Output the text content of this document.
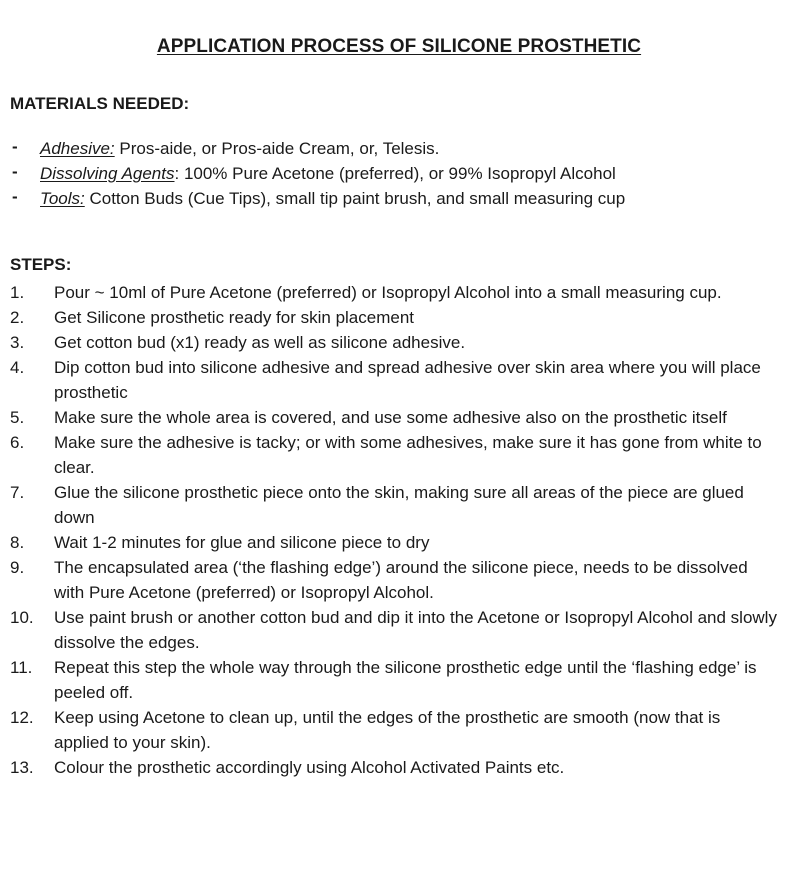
APPLICATION PROCESS OF SILICONE PROSTHETIC
MATERIALS NEEDED:
- Adhesive: Pros-aide, or Pros-aide Cream, or, Telesis.
- Dissolving Agents: 100% Pure Acetone (preferred), or 99% Isopropyl Alcohol
- Tools: Cotton Buds (Cue Tips), small tip paint brush, and small measuring cup
STEPS:
1. Pour ~ 10ml of Pure Acetone (preferred) or Isopropyl Alcohol into a small measuring cup.
2. Get Silicone prosthetic ready for skin placement
3. Get cotton bud (x1) ready as well as silicone adhesive.
4. Dip cotton bud into silicone adhesive and spread adhesive over skin area where you will place prosthetic
5. Make sure the whole area is covered, and use some adhesive also on the prosthetic itself
6. Make sure the adhesive is tacky; or with some adhesives, make sure it has gone from white to clear.
7. Glue the silicone prosthetic piece onto the skin, making sure all areas of the piece are glued down
8. Wait 1-2 minutes for glue and silicone piece to dry
9. The encapsulated area (‘the flashing edge’) around the silicone piece, needs to be dissolved with Pure Acetone (preferred) or Isopropyl Alcohol.
10. Use paint brush or another cotton bud and dip it into the Acetone or Isopropyl Alcohol and slowly dissolve the edges.
11. Repeat this step the whole way through the silicone prosthetic edge until the ‘flashing edge’ is peeled off.
12. Keep using Acetone to clean up, until the edges of the prosthetic are smooth (now that is applied to your skin).
13. Colour the prosthetic accordingly using Alcohol Activated Paints etc.
